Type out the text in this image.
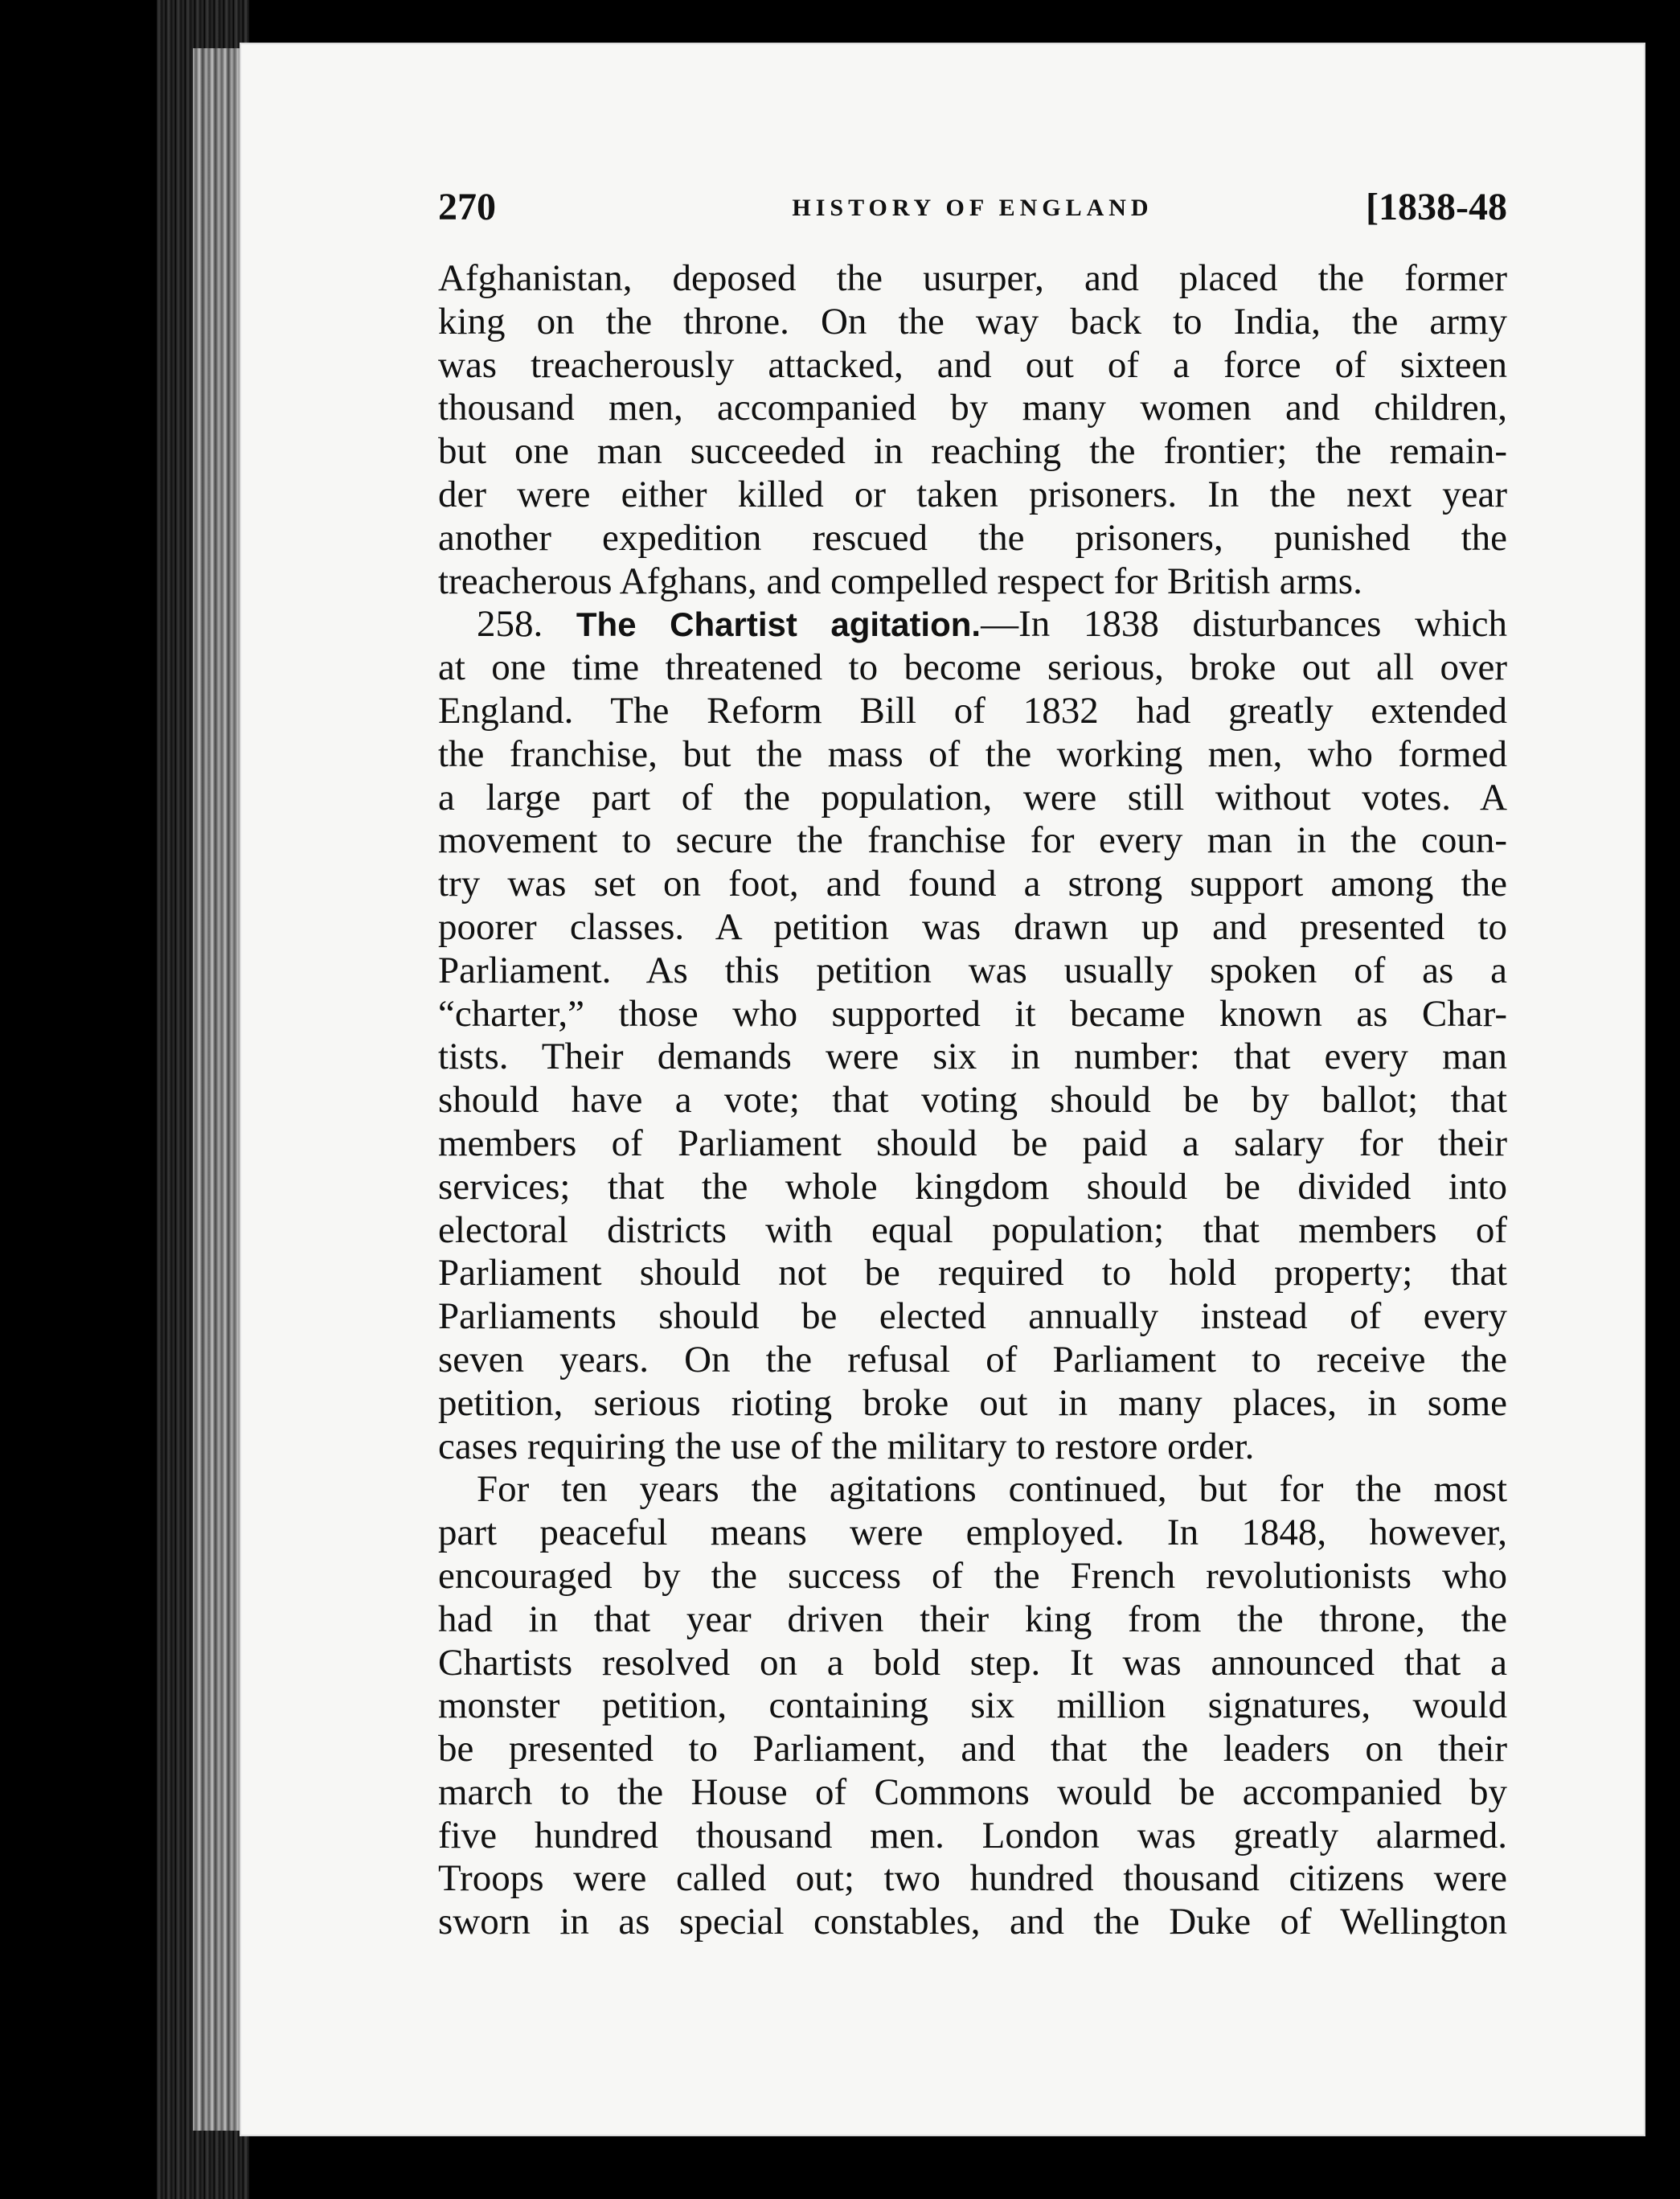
270	HISTORY OF ENGLAND	[1838-48
Afghanistan, deposed the usurper, and placed the former
king on the throne. On the way back to India, the army
was treacherously attacked, and out of a force of sixteen
thousand men, accompanied by many women and children,
but one man succeeded in reaching the frontier; the remain-
der were either killed or taken prisoners. In the next year
another expedition rescued the prisoners, punished the
treacherous Afghans, and compelled respect for British arms.
258. The Chartist agitation.—In 1838 disturbances which
at one time threatened to become serious, broke out all over
England. The Reform Bill of 1832 had greatly extended
the franchise, but the mass of the working men, who formed
a large part of the population, were still without votes. A
movement to secure the franchise for every man in the coun-
try was set on foot, and found a strong support among the
poorer classes. A petition was drawn up and presented to
Parliament. As this petition was usually spoken of as a
“charter,” those who supported it became known as Char-
tists. Their demands were six in number: that every man
should have a vote; that voting should be by ballot; that
members of Parliament should be paid a salary for their
services; that the whole kingdom should be divided into
electoral districts with equal population; that members of
Parliament should not be required to hold property; that
Parliaments should be elected annually instead of every
seven years. On the refusal of Parliament to receive the
petition, serious rioting broke out in many places, in some
cases requiring the use of the military to restore order.
For ten years the agitations continued, but for the most
part peaceful means were employed. In 1848, however,
encouraged by the success of the French revolutionists who
had in that year driven their king from the throne, the
Chartists resolved on a bold step. It was announced that a
monster petition, containing six million signatures, would
be presented to Parliament, and that the leaders on their
march to the House of Commons would be accompanied by
five hundred thousand men. London was greatly alarmed.
Troops were called out; two hundred thousand citizens were
sworn in as special constables, and the Duke of Wellington
